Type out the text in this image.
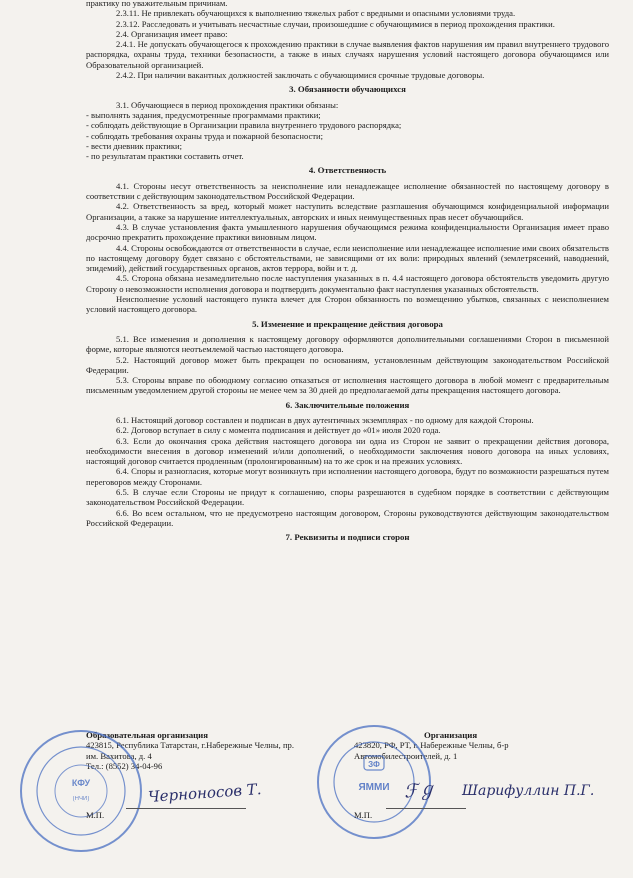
практику по уважительным причинам.

2.3.11. Не привлекать обучающихся к выполнению тяжелых работ с вредными и опасными условиями труда.

2.3.12. Расследовать и учитывать несчастные случаи, произошедшие с обучающимися в период прохождения практики.

2.4. Организация имеет право:

2.4.1. Не допускать обучающегося к прохождению практики в случае выявления фактов нарушения им правил внутреннего трудового распорядка, охраны труда, техники безопасности, а также в иных случаях нарушения условий настоящего договора обучающимся или Образовательной организацией.

2.4.2. При наличии вакантных должностей заключать с обучающимися срочные трудовые договоры.

3. Обязанности обучающихся

3.1. Обучающиеся в период прохождения практики обязаны:

- выполнять задания, предусмотренные программами практики;

- соблюдать действующие в Организации правила внутреннего трудового распорядка;

- соблюдать требования охраны труда и пожарной безопасности;

- вести дневник практики;

- по результатам практики составить отчет.

4. Ответственность

4.1. Стороны несут ответственность за неисполнение или ненадлежащее исполнение обязанностей по настоящему договору в соответствии с действующим законодательством Российской Федерации.

4.2. Ответственность за вред, который может наступить вследствие разглашения обучающимся конфиденциальной информации Организации, а также за нарушение интеллектуальных, авторских и иных неимущественных прав несет обучающийся.

4.3. В случае установления факта умышленного нарушения обучающимся режима конфиденциальности Организация имеет право досрочно прекратить прохождение практики виновным лицом.

4.4. Стороны освобождаются от ответственности в случае, если неисполнение или ненадлежащее исполнение ими своих обязательств по настоящему договору будет связано с обстоятельствами, не зависящими от их воли: природных явлений (землетрясений, наводнений, эпидемий), действий государственных органов, актов террора, войн и т. д.

4.5. Сторона обязана незамедлительно после наступления указанных в п. 4.4 настоящего договора обстоятельств уведомить другую Сторону о невозможности исполнения договора и подтвердить документально факт наступления указанных обстоятельств.

Неисполнение условий настоящего пункта влечет для Сторон обязанность по возмещению убытков, связанных с неисполнением условий настоящего договора.

5. Изменение и прекращение действия договора

5.1. Все изменения и дополнения к настоящему договору оформляются дополнительными соглашениями Сторон в письменной форме, которые являются неотъемлемой частью настоящего договора.

5.2. Настоящий договор может быть прекращен по основаниям, установленным действующим законодательством Российской Федерации.

5.3. Стороны вправе по обоюдному согласию отказаться от исполнения настоящего договора в любой момент с предварительным письменным уведомлением другой стороны не менее чем за 30 дней до предполагаемой даты прекращения настоящего договора.

6. Заключительные положения

6.1. Настоящий договор составлен и подписан в двух аутентичных экземплярах - по одному для каждой Стороны.

6.2. Договор вступает в силу с момента подписания и действует до «01» июля 2020 года.

6.3. Если до окончания срока действия настоящего договора ни одна из Сторон не заявит о прекращении действия договора, необходимости внесения в договор изменений и/или дополнений, о необходимости заключения нового договора на иных условиях, настоящий договор считается продленным (пролонгированным) на то же срок и на прежних условиях.

6.4. Споры и разногласия, которые могут возникнуть при исполнении настоящего договора, будут по возможности разрешаться путем переговоров между Сторонами.

6.5. В случае если Стороны не придут к соглашению, споры разрешаются в судебном порядке в соответствии с действующим законодательством Российской Федерации.

6.6. Во всем остальном, что не предусмотрено настоящим договором, Стороны руководствуются действующим законодательством Российской Федерации.

7. Реквизиты и подписи сторон
Образовательная организация
423815, Республика Татарстан, г.Набережные Челны, пр.
им. Вахитова, д. 4
Тел.: (8552) 34-04-96
Организация
423820, РФ, РТ, г. Набережные Челны, б-р
Автомобилестроителей, д. 1
КФУ
(НЧИ)	Черноносов Т.
М.П.
ЗФ
ЯММИ ℱℊ Шарифуллин П.Г.
М.П.
